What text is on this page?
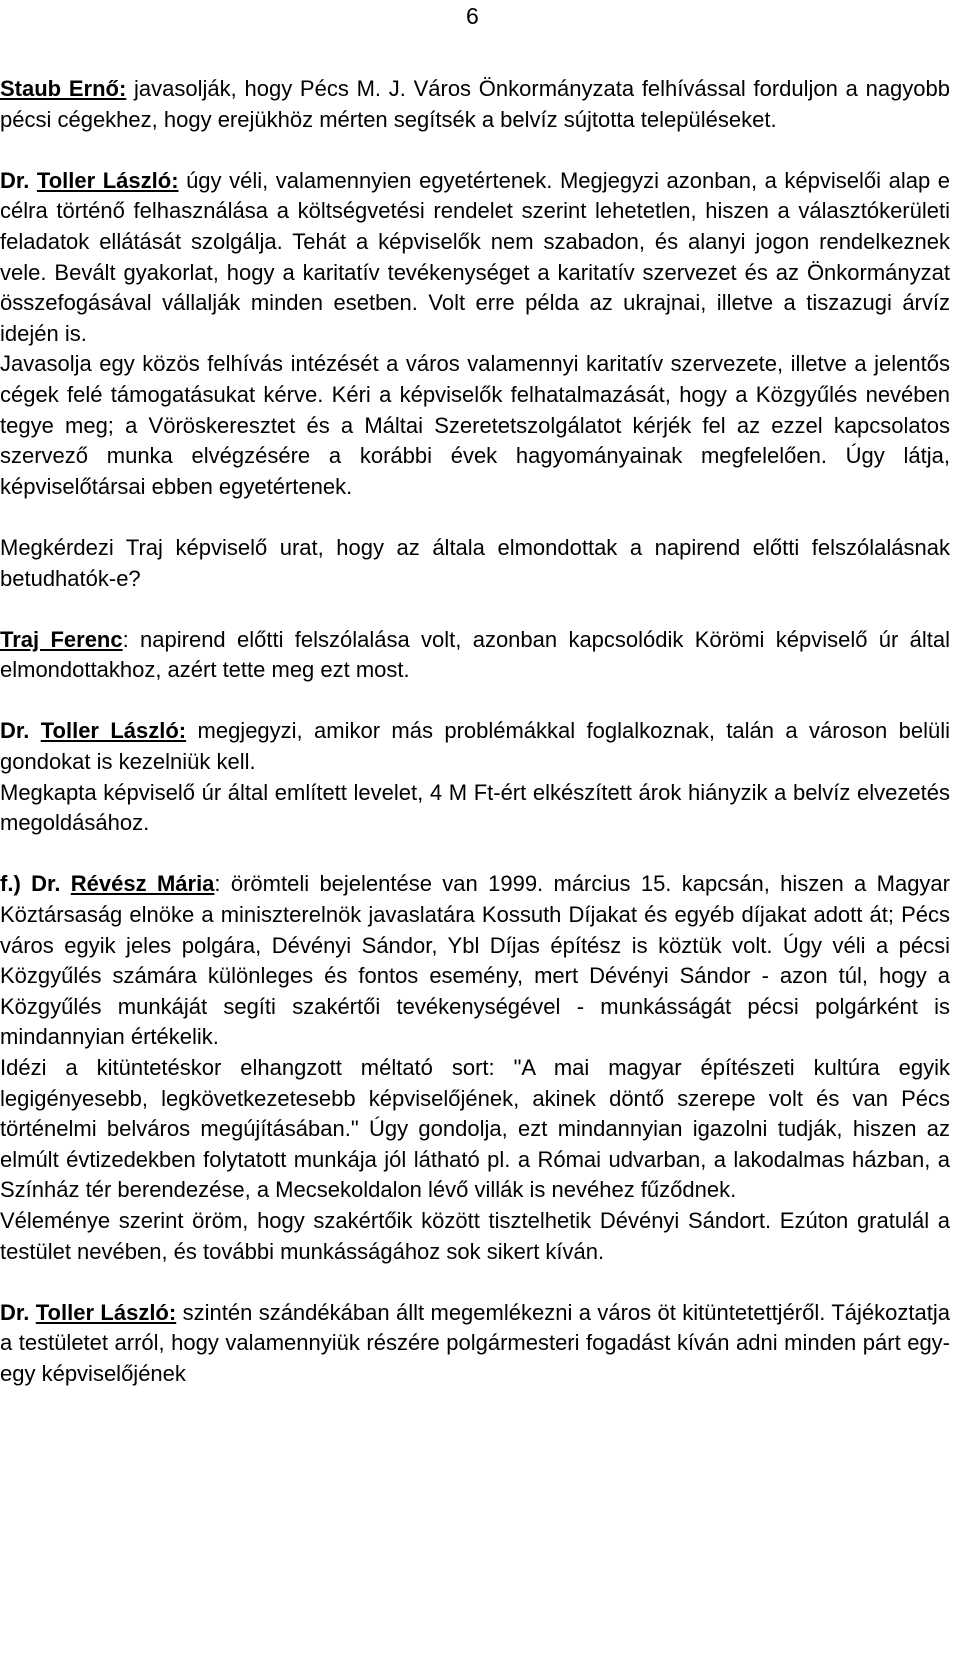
6

Staub Ernő: javasolják, hogy Pécs M. J. Város Önkormányzata felhívással forduljon a nagyobb pécsi cégekhez, hogy erejükhöz mérten segítsék a belvíz sújtotta településeket.

Dr. Toller László: úgy véli, valamennyien egyetértenek. Megjegyzi azonban, a képviselői alap e célra történő felhasználása a költségvetési rendelet szerint lehetetlen, hiszen a választókerületi feladatok ellátását szolgálja. Tehát a képviselők nem szabadon, és alanyi jogon rendelkeznek vele. Bevált gyakorlat, hogy a karitatív tevékenységet a karitatív szervezet és az Önkormányzat összefogásával vállalják minden esetben. Volt erre példa az ukrajnai, illetve a tiszazugi árvíz idején is.

Javasolja egy közös felhívás intézését a város valamennyi karitatív szervezete, illetve a jelentős cégek felé támogatásukat kérve. Kéri a képviselők felhatalmazását, hogy a Közgyűlés nevében tegye meg; a Vöröskeresztet és a Máltai Szeretetszolgálatot kérjék fel az ezzel kapcsolatos szervező munka elvégzésére a korábbi évek hagyományainak megfelelően. Úgy látja, képviselőtársai ebben egyetértenek.

Megkérdezi Traj képviselő urat, hogy az általa elmondottak a napirend előtti felszólalásnak betudhatók-e?

Traj Ferenc: napirend előtti felszólalása volt, azonban kapcsolódik Körömi képviselő úr által elmondottakhoz, azért tette meg ezt most.

Dr. Toller László: megjegyzi, amikor más problémákkal foglalkoznak, talán a városon belüli gondokat is kezelniük kell.

Megkapta képviselő úr által említett levelet, 4 M Ft-ért elkészített árok hiányzik a belvíz elvezetés megoldásához.

f.) Dr. Révész Mária: örömteli bejelentése van 1999. március 15. kapcsán, hiszen a Magyar Köztársaság elnöke a miniszterelnök javaslatára Kossuth Díjakat és egyéb díjakat adott át; Pécs város egyik jeles polgára, Dévényi Sándor, Ybl Díjas építész is köztük volt. Úgy véli a pécsi Közgyűlés számára különleges és fontos esemény, mert Dévényi Sándor - azon túl, hogy a Közgyűlés munkáját segíti szakértői tevékenységével - munkásságát pécsi polgárként is mindannyian értékelik.

Idézi a kitüntetéskor elhangzott méltató sort: "A mai magyar építészeti kultúra egyik legigényesebb, legkövetkezetesebb képviselőjének, akinek döntő szerepe volt és van Pécs történelmi belváros megújításában." Úgy gondolja, ezt mindannyian igazolni tudják, hiszen az elmúlt évtizedekben folytatott munkája jól látható pl. a Római udvarban, a lakodalmas házban, a Színház tér berendezése, a Mecsekoldalon lévő villák is nevéhez fűződnek.

Véleménye szerint öröm, hogy szakértőik között tisztelhetik Dévényi Sándort. Ezúton gratulál a testület nevében, és további munkásságához sok sikert kíván.

Dr. Toller László: szintén szándékában állt megemlékezni a város öt kitüntetettjéről. Tájékoztatja a testületet arról, hogy valamennyiük részére polgármesteri fogadást kíván adni minden párt egy-egy képviselőjének
